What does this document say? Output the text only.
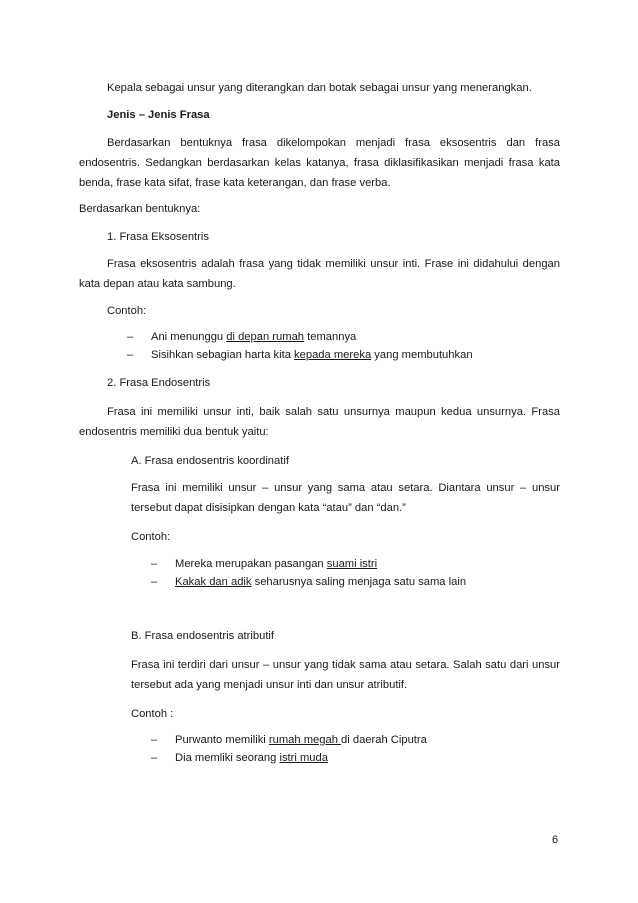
Kepala sebagai unsur yang diterangkan dan botak sebagai unsur yang menerangkan.

Jenis – Jenis Frasa

Berdasarkan bentuknya frasa dikelompokan menjadi frasa eksosentris dan frasa endosentris. Sedangkan berdasarkan kelas katanya, frasa diklasifikasikan menjadi frasa kata benda, frase kata sifat, frase kata keterangan, dan frase verba.

Berdasarkan bentuknya:

1. Frasa Eksosentris

Frasa eksosentris adalah frasa yang tidak memiliki unsur inti. Frase ini didahului dengan kata depan atau kata sambung.

Contoh:

– Ani menunggu di depan rumah temannya
– Sisihkan sebagian harta kita kepada mereka yang membutuhkan

2. Frasa Endosentris

Frasa ini memiliki unsur inti, baik salah satu unsurnya maupun kedua unsurnya. Frasa endosentris memiliki dua bentuk yaitu:

A. Frasa endosentris koordinatif

Frasa ini memiliki unsur – unsur yang sama atau setara. Diantara unsur – unsur tersebut dapat disisipkan dengan kata “atau” dan “dan.”

Contoh:

– Mereka merupakan pasangan suami istri
– Kakak dan adik seharusnya saling menjaga satu sama lain

B. Frasa endosentris atributif

Frasa ini terdiri dari unsur – unsur yang tidak sama atau setara. Salah satu dari unsur tersebut ada yang menjadi unsur inti dan unsur atributif.

Contoh :

– Purwanto memiliki rumah megah di daerah Ciputra
– Dia memliki seorang istri muda
6
